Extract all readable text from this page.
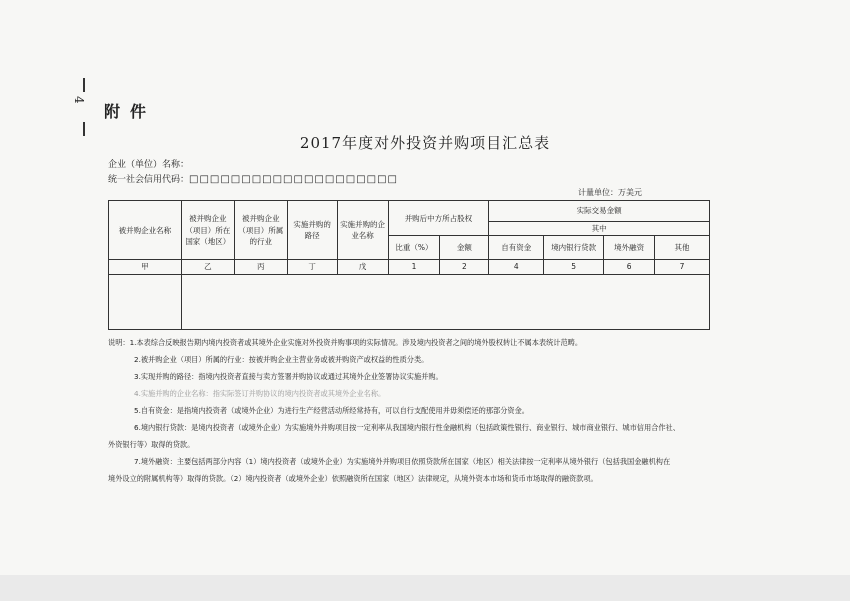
4
附件
2017年度对外投资并购项目汇总表
企业（单位）名称：
统一社会信用代码：□□□□□□□□□□□□□□□□□□□□
计量单位：万美元
被并购企业名称	被并购企业（项目）所在国家（地区）	被并购企业（项目）所属的行业	实施并购的路径	实施并购的企业名称	并购后中方所占股权		实际交易金额			
							其中			
					比重（%）	金额	自有资金	境内银行贷款	境外融资	其他
甲	乙	丙	丁	戊	1	2	4	5	6	7

说明：1.本表综合反映报告期内境内投资者或其境外企业实施对外投资并购事项的实际情况。涉及境内投资者之间的境外股权转让不属本表统计范畴。

2.被并购企业（项目）所属的行业：按被并购企业主营业务或被并购资产或权益的性质分类。

3.实现并购的路径：指境内投资者直接与卖方签署并购协议或通过其境外企业签署协议实施并购。

4.实施并购的企业名称：指实际签订并购协议的境内投资者或其境外企业名称。

5.自有资金：是指境内投资者（或境外企业）为进行生产经营活动所经常持有，可以自行支配使用并毋须偿还的那部分资金。

6.境内银行贷款：是境内投资者（或境外企业）为实施境外并购项目按一定利率从我国境内银行性金融机构（包括政策性银行、商业银行、城市商业银行、城市信用合作社、

外资银行等）取得的贷款。

7.境外融资：主要包括两部分内容（1）境内投资者（或境外企业）为实施境外并购项目依照贷款所在国家（地区）相关法律按一定利率从境外银行（包括我国金融机构在

境外设立的附属机构等）取得的贷款。（2）境内投资者（或境外企业）依照融资所在国家（地区）法律规定，从境外资本市场和货币市场取得的融资款项。
